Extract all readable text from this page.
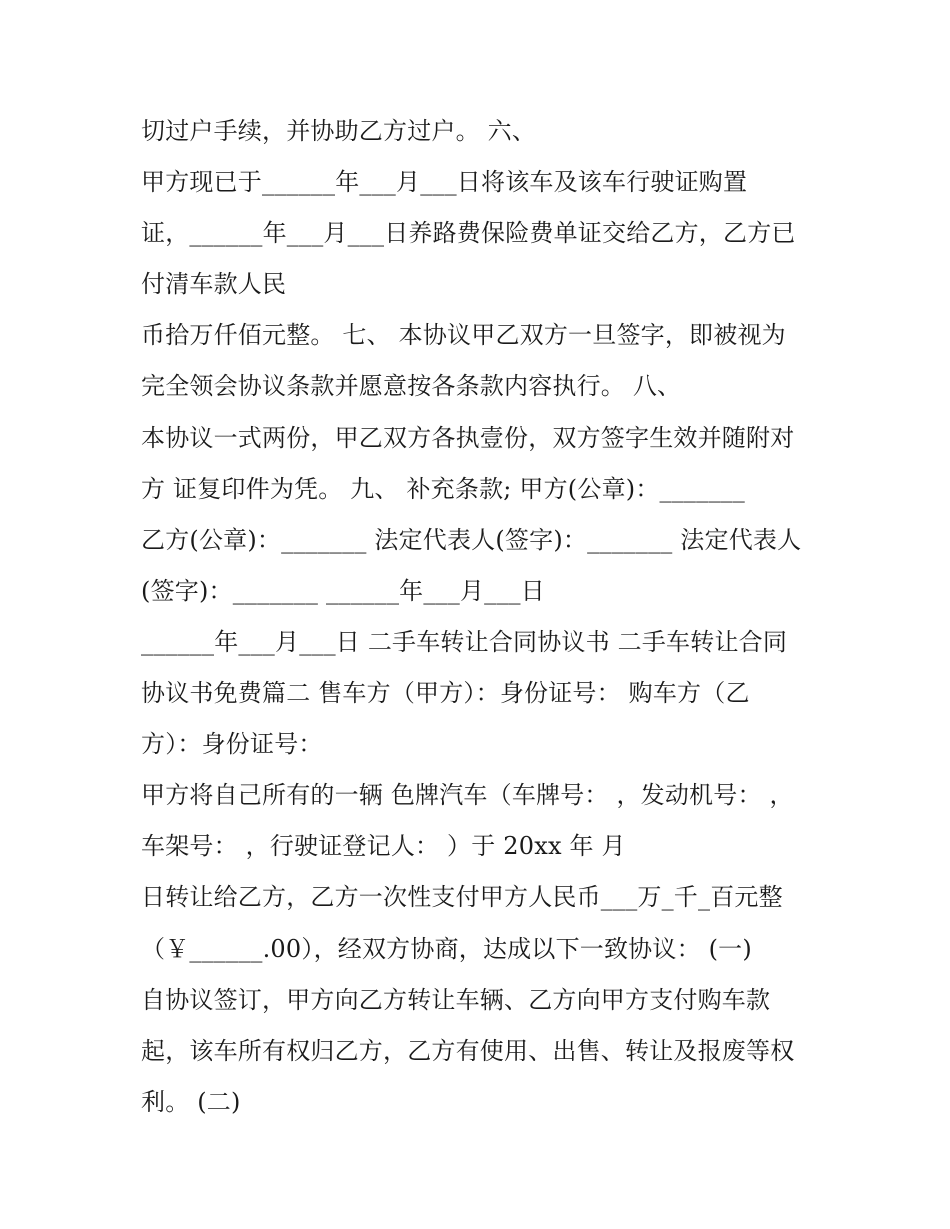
切过户手续，并协助乙方过户。 六、
甲方现已于______年___月___日将该车及该车行驶证购置
证，______年___月___日养路费保险费单证交给乙方，乙方已
付清车款人民
币拾万仟佰元整。 七、 本协议甲乙双方一旦签字，即被视为
完全领会协议条款并愿意按各条款内容执行。 八、
本协议一式两份，甲乙双方各执壹份，双方签字生效并随附对
方 证复印件为凭。 九、 补充条款; 甲方(公章)：_______
乙方(公章)：_______ 法定代表人(签字)：_______ 法定代表人
(签字)：_______ ______年___月___日
______年___月___日 二手车转让合同协议书 二手车转让合同
协议书免费篇二 售车方（甲方）：身份证号： 购车方（乙
方）：身份证号：
甲方将自己所有的一辆 色牌汽车（车牌号： ，发动机号： ，
车架号： ，行驶证登记人： ）于 20xx 年 月
日转让给乙方，乙方一次性支付甲方人民币___万_千_百元整
（￥______.00），经双方协商，达成以下一致协议： (一)
自协议签订，甲方向乙方转让车辆、乙方向甲方支付购车款
起，该车所有权归乙方，乙方有使用、出售、转让及报废等权
利。 (二)
